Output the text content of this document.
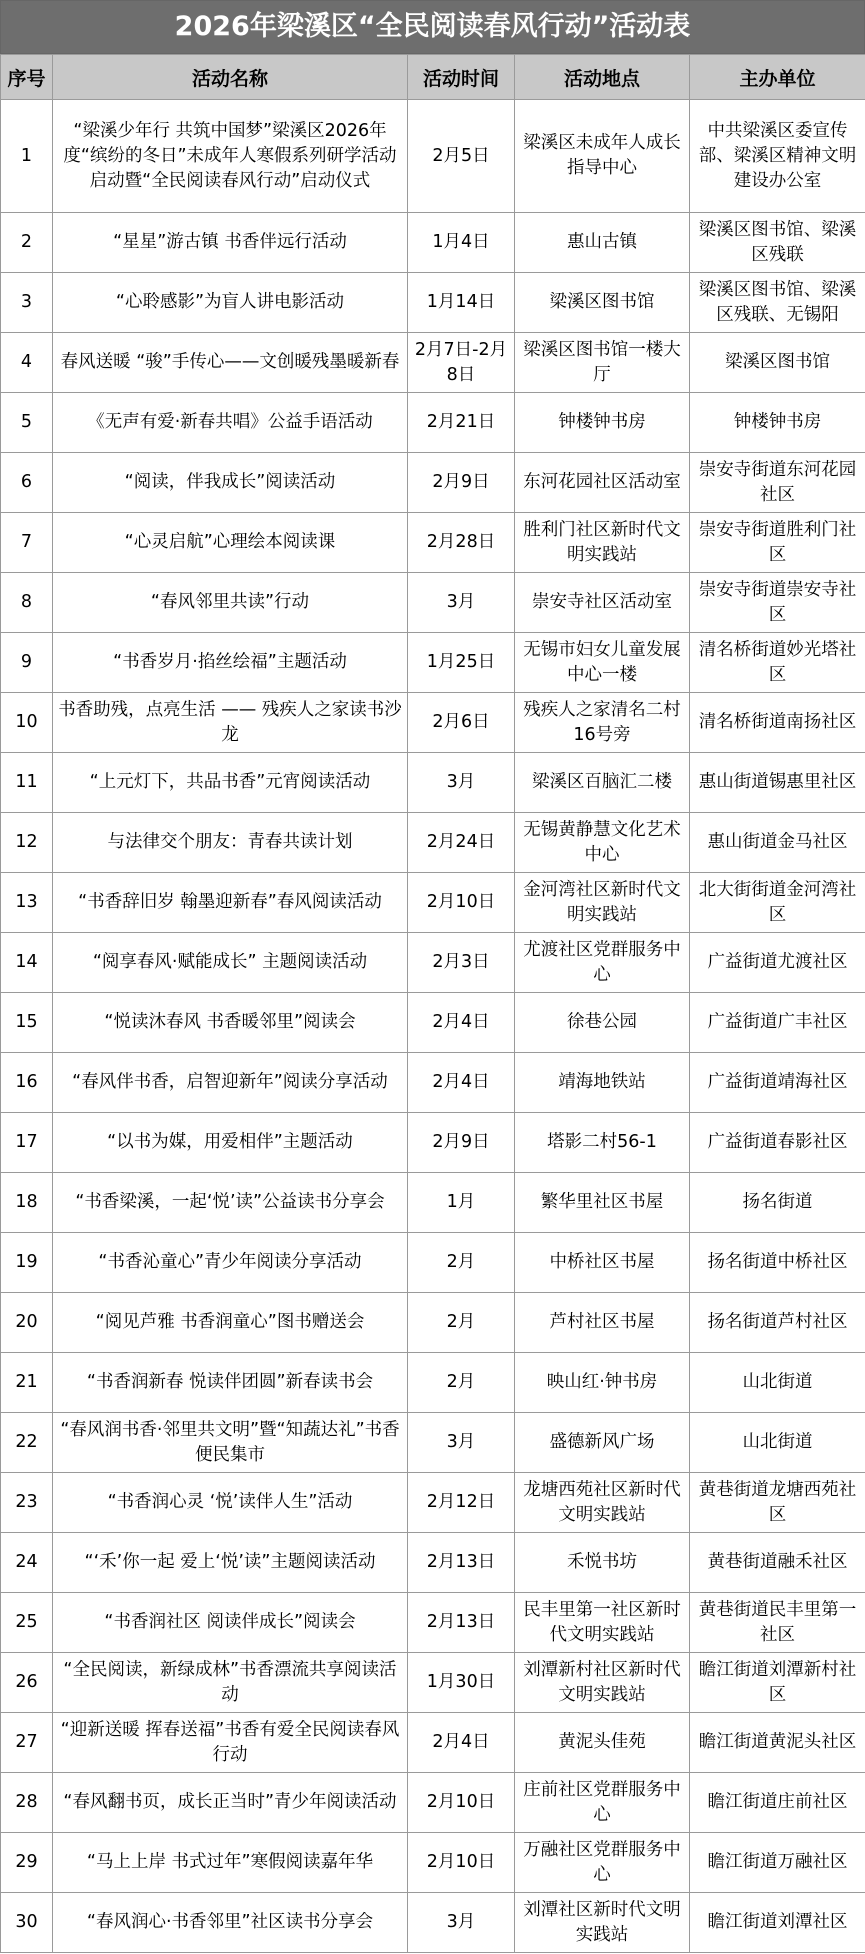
2026年梁溪区“全民阅读春风行动”活动表
序号	活动名称	活动时间	活动地点	主办单位
1	“梁溪少年行 共筑中国梦”梁溪区2026年度“缤纷的冬日”未成年人寒假系列研学活动启动暨“全民阅读春风行动”启动仪式	2月5日	梁溪区未成年人成长指导中心	中共梁溪区委宣传部、梁溪区精神文明建设办公室
2	“星星”游古镇 书香伴远行活动	1月4日	惠山古镇	梁溪区图书馆、梁溪区残联
3	“心聆感影”为盲人讲电影活动	1月14日	梁溪区图书馆	梁溪区图书馆、梁溪区残联、无锡阳
4	春风送暖 “骏”手传心——文创暖残墨暖新春	2月7日-2月8日	梁溪区图书馆一楼大厅	梁溪区图书馆
5	《无声有爱·新春共唱》公益手语活动	2月21日	钟楼钟书房	钟楼钟书房
6	“阅读，伴我成长”阅读活动	2月9日	东河花园社区活动室	崇安寺街道东河花园社区
7	“心灵启航”心理绘本阅读课	2月28日	胜利门社区新时代文明实践站	崇安寺街道胜利门社区
8	“春风邻里共读”行动	3月	崇安寺社区活动室	崇安寺街道崇安寺社区
9	“书香岁月·掐丝绘福”主题活动	1月25日	无锡市妇女儿童发展中心一楼	清名桥街道妙光塔社区
10	书香助残，点亮生活 —— 残疾人之家读书沙龙	2月6日	残疾人之家清名二村16号旁	清名桥街道南扬社区
11	“上元灯下，共品书香”元宵阅读活动	3月	梁溪区百脑汇二楼	惠山街道锡惠里社区
12	与法律交个朋友：青春共读计划	2月24日	无锡黄静慧文化艺术中心	惠山街道金马社区
13	“书香辞旧岁 翰墨迎新春”春风阅读活动	2月10日	金河湾社区新时代文明实践站	北大街街道金河湾社区
14	“阅享春风·赋能成长” 主题阅读活动	2月3日	尤渡社区党群服务中心	广益街道尤渡社区
15	“悦读沐春风 书香暖邻里”阅读会	2月4日	徐巷公园	广益街道广丰社区
16	“春风伴书香，启智迎新年”阅读分享活动	2月4日	靖海地铁站	广益街道靖海社区
17	“以书为媒，用爱相伴”主题活动	2月9日	塔影二村56-1	广益街道春影社区
18	“书香梁溪，一起‘悦’读”公益读书分享会	1月	繁华里社区书屋	扬名街道
19	“书香沁童心”青少年阅读分享活动	2月	中桥社区书屋	扬名街道中桥社区
20	“阅见芦雅 书香润童心”图书赠送会	2月	芦村社区书屋	扬名街道芦村社区
21	“书香润新春 悦读伴团圆”新春读书会	2月	映山红·钟书房	山北街道
22	“春风润书香·邻里共文明”暨“知蔬达礼”书香便民集市	3月	盛德新风广场	山北街道
23	“书香润心灵 ‘悦’读伴人生”活动	2月12日	龙塘西苑社区新时代文明实践站	黄巷街道龙塘西苑社区
24	“‘禾’你一起 爱上‘悦’读”主题阅读活动	2月13日	禾悦书坊	黄巷街道融禾社区
25	“书香润社区 阅读伴成长”阅读会	2月13日	民丰里第一社区新时代文明实践站	黄巷街道民丰里第一社区
26	“全民阅读，新绿成林”书香漂流共享阅读活动	1月30日	刘潭新村社区新时代文明实践站	瞻江街道刘潭新村社区
27	“迎新送暖 挥春送福”书香有爱全民阅读春风行动	2月4日	黄泥头佳苑	瞻江街道黄泥头社区
28	“春风翻书页，成长正当时”青少年阅读活动	2月10日	庄前社区党群服务中心	瞻江街道庄前社区
29	“马上上岸 书式过年”寒假阅读嘉年华	2月10日	万融社区党群服务中心	瞻江街道万融社区
30	“春风润心·书香邻里”社区读书分享会	3月	刘潭社区新时代文明实践站	瞻江街道刘潭社区
